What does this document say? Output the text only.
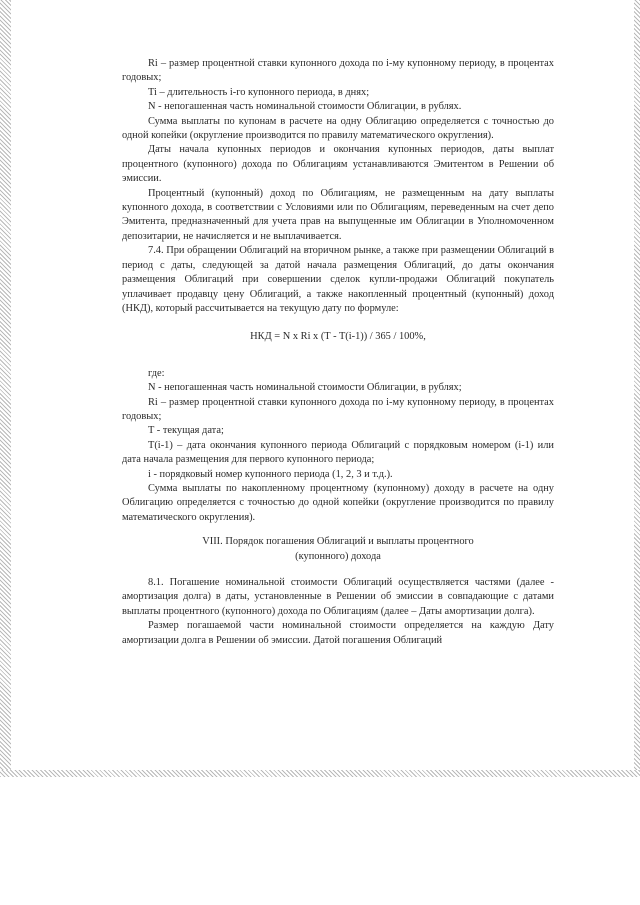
Ri – размер процентной ставки купонного дохода по i-му купонному периоду, в процентах годовых;

Ti – длительность i-го купонного периода, в днях;

N - непогашенная часть номинальной стоимости Облигации, в рублях.

Сумма выплаты по купонам в расчете на одну Облигацию определяется с точностью до одной копейки (округление производится по правилу математического округления).

Даты начала купонных периодов и окончания купонных периодов, даты выплат процентного (купонного) дохода по Облигациям устанавливаются Эмитентом в Решении об эмиссии.

Процентный (купонный) доход по Облигациям, не размещенным на дату выплаты купонного дохода, в соответствии с Условиями или по Облигациям, переведенным на счет депо Эмитента, предназначенный для учета прав на выпущенные им Облигации в Уполномоченном депозитарии, не начисляется и не выплачивается.

7.4. При обращении Облигаций на вторичном рынке, а также при размещении Облигаций в период с даты, следующей за датой начала размещения Облигаций, до даты окончания размещения Облигаций при совершении сделок купли-продажи Облигаций покупатель уплачивает продавцу цену Облигаций, а также накопленный процентный (купонный) доход (НКД), который рассчитывается на текущую дату по формуле:

НКД = N x Ri x (T - T(i-1)) / 365 / 100%,

где:

N - непогашенная часть номинальной стоимости Облигации, в рублях;

Ri – размер процентной ставки купонного дохода по i-му купонному периоду, в процентах годовых;

T - текущая дата;

T(i-1) – дата окончания купонного периода Облигаций с порядковым номером (i-1) или дата начала размещения для первого купонного периода;

i - порядковый номер купонного периода (1, 2, 3 и т.д.).

Сумма выплаты по накопленному процентному (купонному) доходу в расчете на одну Облигацию определяется с точностью до одной копейки (округление производится по правилу математического округления).

VIII. Порядок погашения Облигаций и выплаты процентного
(купонного) дохода

8.1. Погашение номинальной стоимости Облигаций осуществляется частями (далее - амортизация долга) в даты, установленные в Решении об эмиссии в совпадающие с датами выплаты процентного (купонного) дохода по Облигациям (далее – Даты амортизации долга).

Размер погашаемой части номинальной стоимости определяется на каждую Дату амортизации долга в Решении об эмиссии. Датой погашения Облигаций
